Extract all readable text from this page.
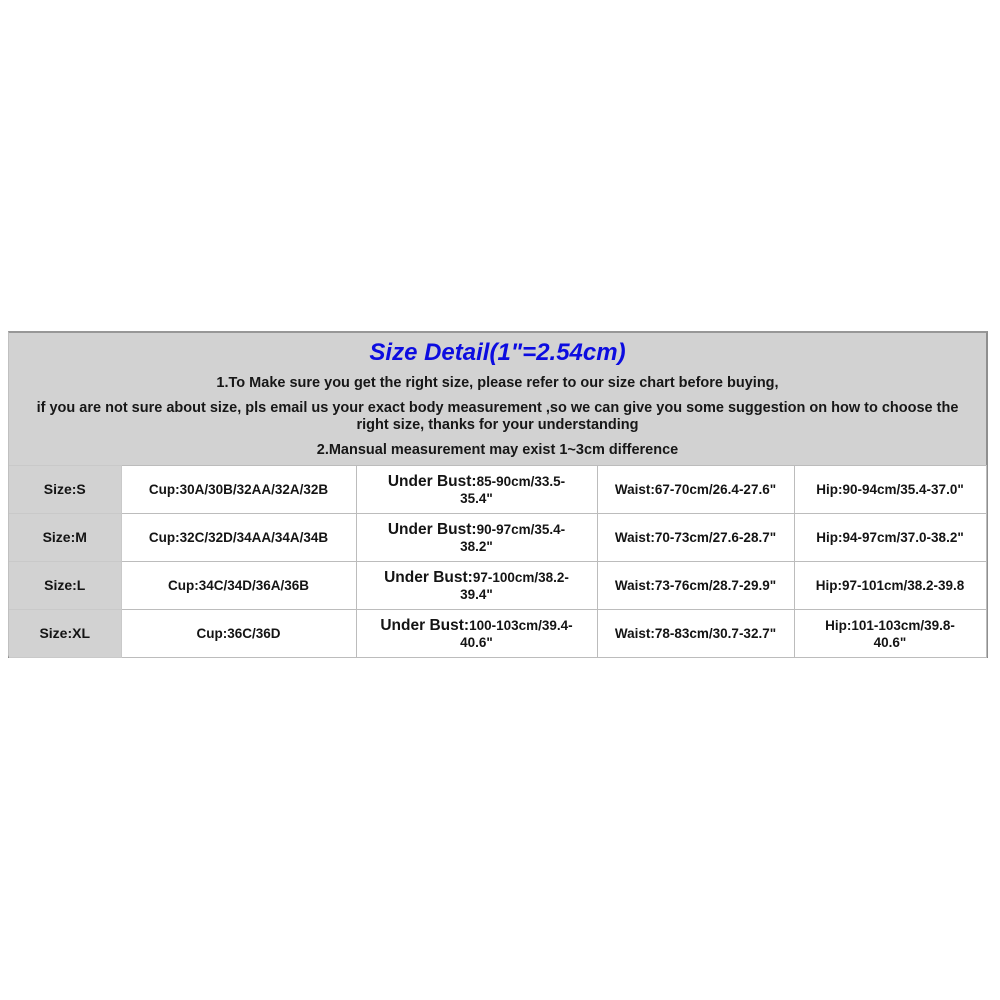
Size Detail(1"=2.54cm)
1.To Make sure you get the right size, please refer to our size chart before buying,
if you are not sure about size, pls email us your exact body measurement ,so we can give you some suggestion on how to choose the right size, thanks for your understanding
2.Mansual measurement may exist 1~3cm difference
Size:S	Cup:30A/30B/32AA/32A/32B	Under Bust:85-90cm/33.5-35.4"	Waist:67-70cm/26.4-27.6"	Hip:90-94cm/35.4-37.0"
Size:M	Cup:32C/32D/34AA/34A/34B	Under Bust:90-97cm/35.4-38.2"	Waist:70-73cm/27.6-28.7"	Hip:94-97cm/37.0-38.2"
Size:L	Cup:34C/34D/36A/36B	Under Bust:97-100cm/38.2-39.4"	Waist:73-76cm/28.7-29.9"	Hip:97-101cm/38.2-39.8
Size:XL	Cup:36C/36D	Under Bust:100-103cm/39.4-40.6"	Waist:78-83cm/30.7-32.7"	Hip:101-103cm/39.8-40.6"
